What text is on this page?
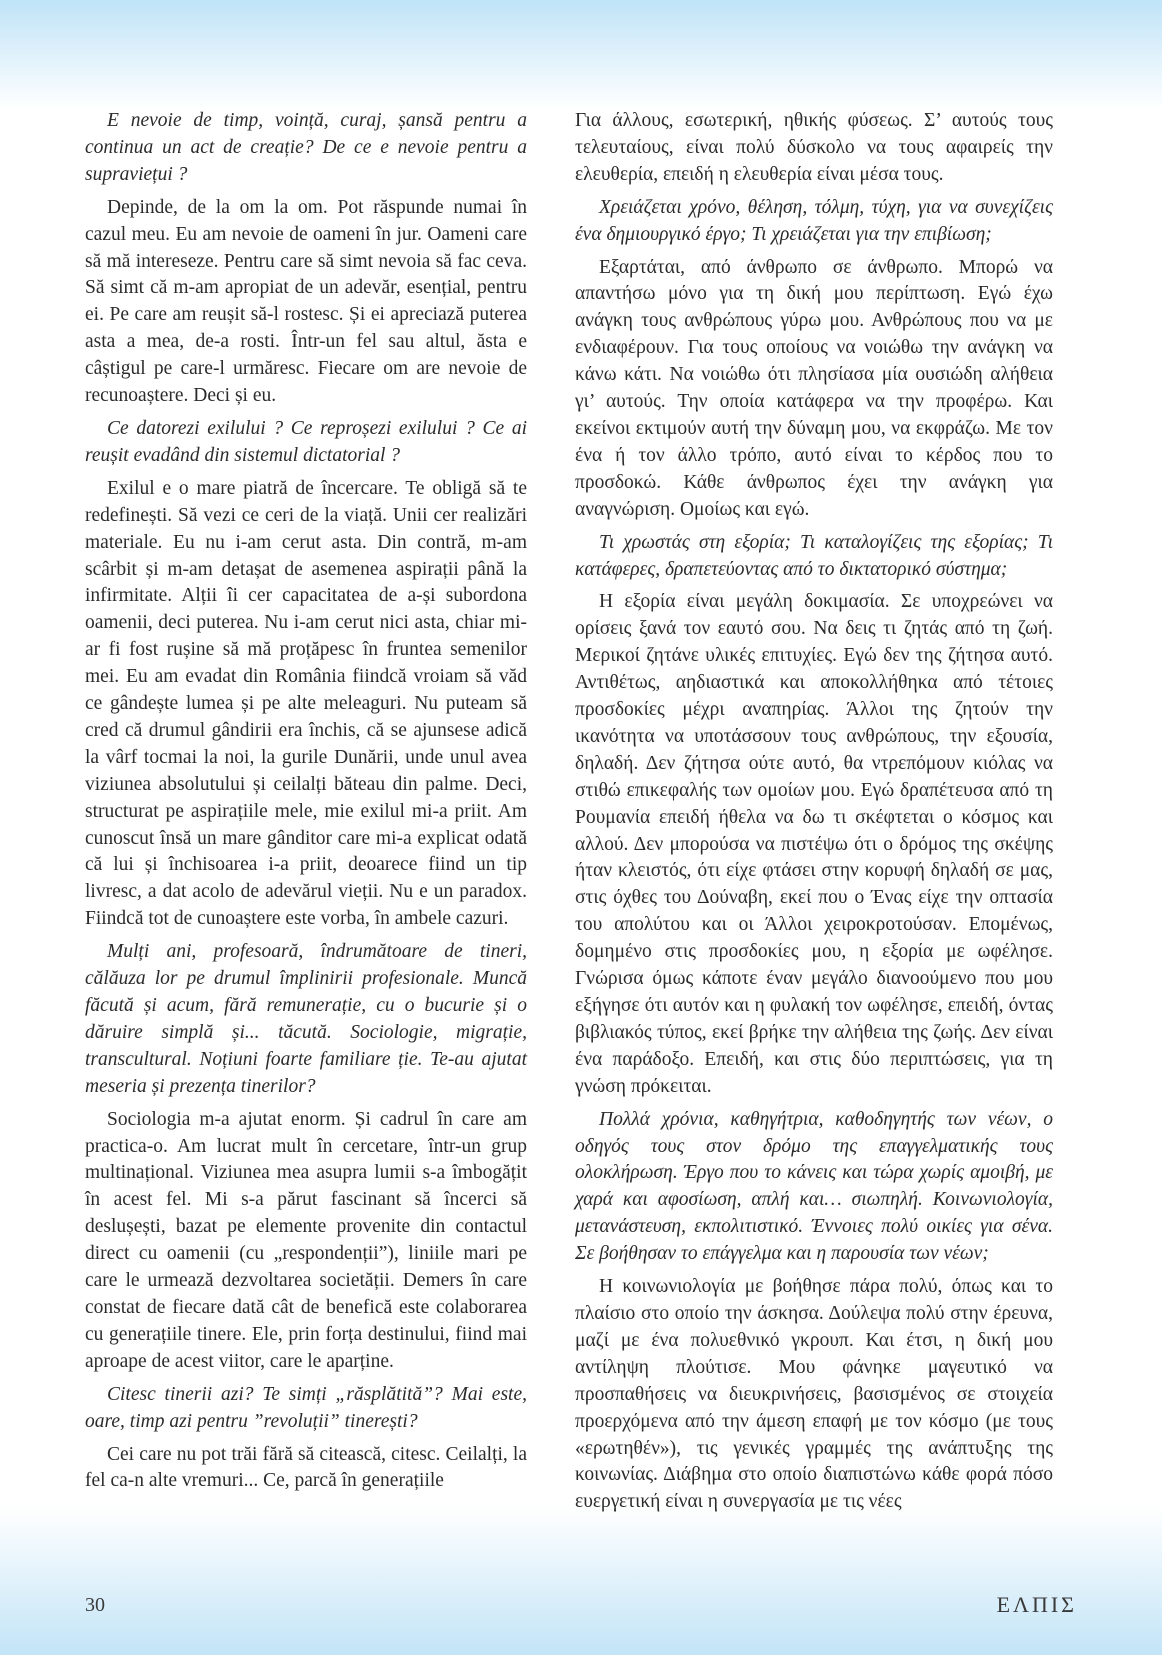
E nevoie de timp, voință, curaj, șansă pentru a continua un act de creație? De ce e nevoie pentru a supraviețui ?

Depinde, de la om la om. Pot răspunde numai în cazul meu. Eu am nevoie de oameni în jur. Oameni care să mă intereseze. Pentru care să simt nevoia să fac ceva. Să simt că m-am apropiat de un adevăr, esențial, pentru ei. Pe care am reușit să-l rostesc. Și ei apreciază puterea asta a mea, de-a rosti. Într-un fel sau altul, ăsta e câștigul pe care-l urmăresc. Fiecare om are nevoie de recunoaștere. Deci și eu.

Ce datorezi exilului ? Ce reproșezi exilului ? Ce ai reușit evadând din sistemul dictatorial ?

Exilul e o mare piatră de încercare. Te obligă să te redefinești. Să vezi ce ceri de la viață. Unii cer realizări materiale. Eu nu i-am cerut asta. Din contră, m-am scârbit și m-am detașat de asemenea aspirații până la infirmitate. Alții îi cer capacitatea de a-și subordona oamenii, deci puterea. Nu i-am cerut nici asta, chiar mi-ar fi fost rușine să mă proțăpesc în fruntea semenilor mei. Eu am evadat din România fiindcă vroiam să văd ce gândește lumea și pe alte meleaguri. Nu puteam să cred că drumul gândirii era închis, că se ajunsese adică la vârf tocmai la noi, la gurile Dunării, unde unul avea viziunea absolutului și ceilalți băteau din palme. Deci, structurat pe aspirațiile mele, mie exilul mi-a priit. Am cunoscut însă un mare gânditor care mi-a explicat odată că lui și închisoarea i-a priit, deoarece fiind un tip livresc, a dat acolo de adevărul vieții. Nu e un paradox. Fiindcă tot de cunoaștere este vorba, în ambele cazuri.

Mulți ani, profesoară, îndrumătoare de tineri, călăuza lor pe drumul împlinirii profesionale. Muncă făcută și acum, fără remunerație, cu o bucurie și o dăruire simplă și... tăcută. Sociologie, migrație, transcultural. Noțiuni foarte familiare ție. Te-au ajutat meseria și prezența tinerilor?

Sociologia m-a ajutat enorm. Și cadrul în care am practica-o. Am lucrat mult în cercetare, într-un grup multinațional. Viziunea mea asupra lumii s-a îmbogățit în acest fel. Mi s-a părut fascinant să încerci să deslușești, bazat pe elemente provenite din contactul direct cu oamenii (cu „respondenții”), liniile mari pe care le urmează dezvoltarea societății. Demers în care constat de fiecare dată cât de benefică este colaborarea cu generațiile tinere. Ele, prin forța destinului, fiind mai aproape de acest viitor, care le aparține.

Citesc tinerii azi? Te simți „răsplătită”? Mai este, oare, timp azi pentru ”revoluții” tinerești?

Cei care nu pot trăi fără să citească, citesc. Ceilalți, la fel ca-n alte vremuri... Ce, parcă în generațiile

Για άλλους, εσωτερική, ηθικής φύσεως. Σ’ αυτούς τους τελευταίους, είναι πολύ δύσκολο να τους αφαιρείς την ελευθερία, επειδή η ελευθερία είναι μέσα τους.

Χρειάζεται χρόνο, θέληση, τόλμη, τύχη, για να συνεχίζεις ένα δημιουργικό έργο; Τι χρειάζεται για την επιβίωση;

Εξαρτάται, από άνθρωπο σε άνθρωπο. Μπορώ να απαντήσω μόνο για τη δική μου περίπτωση. Εγώ έχω ανάγκη τους ανθρώπους γύρω μου. Ανθρώπους που να με ενδιαφέρουν. Για τους οποίους να νοιώθω την ανάγκη να κάνω κάτι. Να νοιώθω ότι πλησίασα μία ουσιώδη αλήθεια γι’ αυτούς. Την οποία κατάφερα να την προφέρω. Και εκείνοι εκτιμούν αυτή την δύναμη μου, να εκφράζω. Με τον ένα ή τον άλλο τρόπο, αυτό είναι το κέρδος που το προσδοκώ. Κάθε άνθρωπος έχει την ανάγκη για αναγνώριση. Ομοίως και εγώ.

Τι χρωστάς στη εξορία; Τι καταλογίζεις της εξορίας; Τι κατάφερες, δραπετεύοντας από το δικτατορικό σύστημα;

Η εξορία είναι μεγάλη δοκιμασία. Σε υποχρεώνει να ορίσεις ξανά τον εαυτό σου. Να δεις τι ζητάς από τη ζωή. Μερικοί ζητάνε υλικές επιτυχίες. Εγώ δεν της ζήτησα αυτό. Αντιθέτως, αηδιαστικά και αποκολλήθηκα από τέτοιες προσδοκίες μέχρι αναπηρίας. Άλλοι της ζητούν την ικανότητα να υποτάσσουν τους ανθρώπους, την εξουσία, δηλαδή. Δεν ζήτησα ούτε αυτό, θα ντρεπόμουν κιόλας να στιθώ επικεφαλής των ομοίων μου. Εγώ δραπέτευσα από τη Ρουμανία επειδή ήθελα να δω τι σκέφτεται ο κόσμος και αλλού. Δεν μπορούσα να πιστέψω ότι ο δρόμος της σκέψης ήταν κλειστός, ότι είχε φτάσει στην κορυφή δηλαδή σε μας, στις όχθες του Δούναβη, εκεί που ο Ένας είχε την οπτασία του απολύτου και οι Άλλοι χειροκροτούσαν. Επομένως, δομημένο στις προσδοκίες μου, η εξορία με ωφέλησε. Γνώρισα όμως κάποτε έναν μεγάλο διανοούμενο που μου εξήγησε ότι αυτόν και η φυλακή τον ωφέλησε, επειδή, όντας βιβλιακός τύπος, εκεί βρήκε την αλήθεια της ζωής. Δεν είναι ένα παράδοξο. Επειδή, και στις δύο περιπτώσεις, για τη γνώση πρόκειται.

Πολλά χρόνια, καθηγήτρια, καθοδηγητής των νέων, ο οδηγός τους στον δρόμο της επαγγελματικής τους ολοκλήρωση. Έργο που το κάνεις και τώρα χωρίς αμοιβή, με χαρά και αφοσίωση, απλή και… σιωπηλή. Κοινωνιολογία, μετανάστευση, εκπολιτιστικό. Έννοιες πολύ οικίες για σένα. Σε βοήθησαν το επάγγελμα και η παρουσία των νέων;

Η κοινωνιολογία με βοήθησε πάρα πολύ, όπως και το πλαίσιο στο οποίο την άσκησα. Δούλεψα πολύ στην έρευνα, μαζί με ένα πολυεθνικό γκρουπ. Και έτσι, η δική μου αντίληψη πλούτισε. Μου φάνηκε μαγευτικό να προσπαθήσεις να διευκρινήσεις, βασισμένος σε στοιχεία προερχόμενα από την άμεση επαφή με τον κόσμο (με τους «ερωτηθέν»), τις γενικές γραμμές της ανάπτυξης της κοινωνίας. Διάβημα στο οποίο διαπιστώνω κάθε φορά πόσο ευεργετική είναι η συνεργασία με τις νέες

30	ΕΛΠΙΣ
